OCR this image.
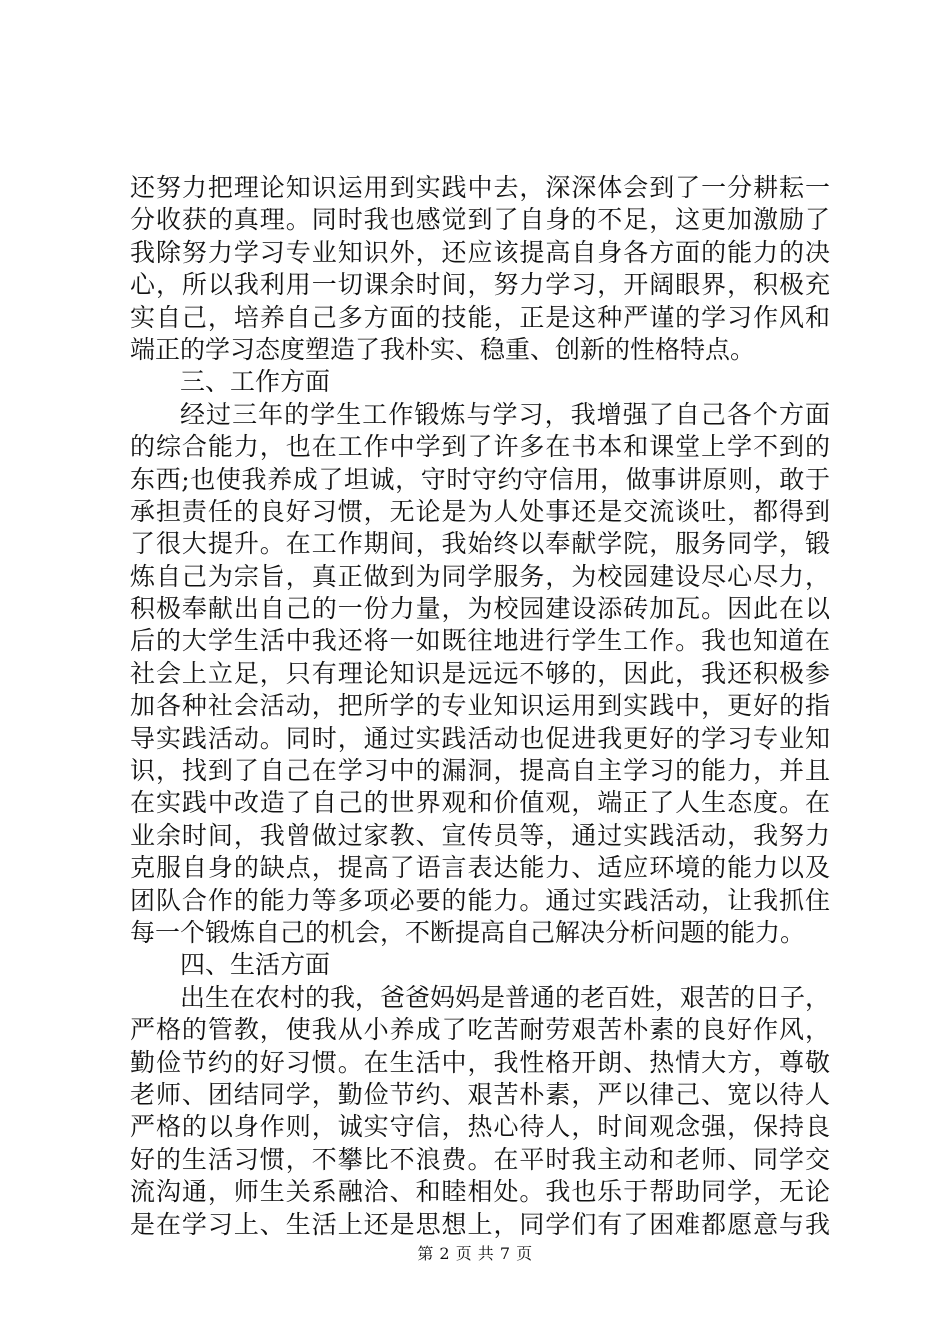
还努力把理论知识运用到实践中去，深深体会到了一分耕耘一
分收获的真理。同时我也感觉到了自身的不足，这更加激励了
我除努力学习专业知识外，还应该提高自身各方面的能力的决
心，所以我利用一切课余时间，努力学习，开阔眼界，积极充
实自己，培养自己多方面的技能，正是这种严谨的学习作风和
端正的学习态度塑造了我朴实、稳重、创新的性格特点。
三、工作方面
经过三年的学生工作锻炼与学习，我增强了自己各个方面
的综合能力，也在工作中学到了许多在书本和课堂上学不到的
东西;也使我养成了坦诚，守时守约守信用，做事讲原则，敢于
承担责任的良好习惯，无论是为人处事还是交流谈吐，都得到
了很大提升。在工作期间，我始终以奉献学院，服务同学，锻
炼自己为宗旨，真正做到为同学服务，为校园建设尽心尽力，
积极奉献出自己的一份力量，为校园建设添砖加瓦。因此在以
后的大学生活中我还将一如既往地进行学生工作。我也知道在
社会上立足，只有理论知识是远远不够的，因此，我还积极参
加各种社会活动，把所学的专业知识运用到实践中，更好的指
导实践活动。同时，通过实践活动也促进我更好的学习专业知
识，找到了自己在学习中的漏洞，提高自主学习的能力，并且
在实践中改造了自己的世界观和价值观，端正了人生态度。在
业余时间，我曾做过家教、宣传员等，通过实践活动，我努力
克服自身的缺点，提高了语言表达能力、适应环境的能力以及
团队合作的能力等多项必要的能力。通过实践活动，让我抓住
每一个锻炼自己的机会，不断提高自己解决分析问题的能力。
四、生活方面
出生在农村的我，爸爸妈妈是普通的老百姓，艰苦的日子，
严格的管教，使我从小养成了吃苦耐劳艰苦朴素的良好作风，
勤俭节约的好习惯。在生活中，我性格开朗、热情大方，尊敬
老师、团结同学，勤俭节约、艰苦朴素，严以律己、宽以待人
严格的以身作则，诚实守信，热心待人，时间观念强，保持良
好的生活习惯，不攀比不浪费。在平时我主动和老师、同学交
流沟通，师生关系融洽、和睦相处。我也乐于帮助同学，无论
是在学习上、生活上还是思想上，同学们有了困难都愿意与我
第 2 页 共 7 页
